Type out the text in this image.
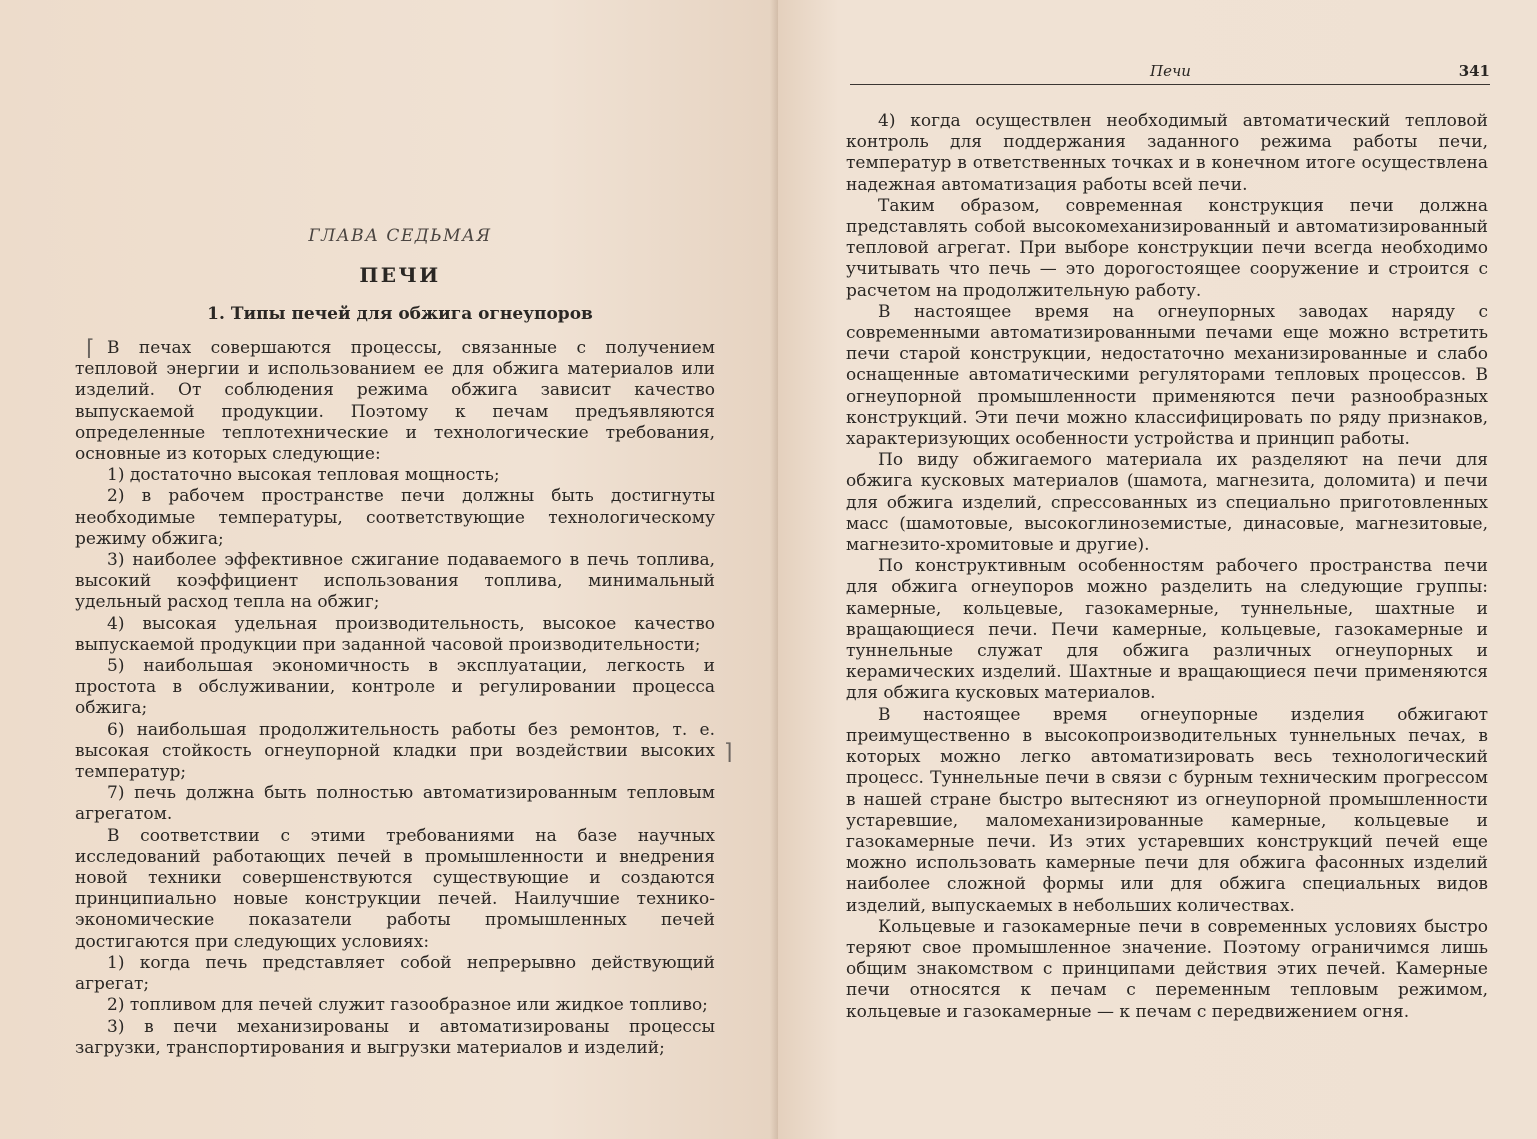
ГЛАВА СЕДЬМАЯ
ПЕЧИ
1. Типы печей для обжига огнеупоров

В печах совершаются процессы, связанные с получением тепловой энергии и использованием ее для обжига материалов или изделий. От соблюдения режима обжига зависит качество выпускаемой продукции. Поэтому к печам предъявляются определенные теплотехнические и технологические требования, основные из которых следующие:

1) достаточно высокая тепловая мощность;

2) в рабочем пространстве печи должны быть достигнуты необходимые температуры, соответствующие технологическому режиму обжига;

3) наиболее эффективное сжигание подаваемого в печь топлива, высокий коэффициент использования топлива, минимальный удельный расход тепла на обжиг;

4) высокая удельная производительность, высокое качество выпускаемой продукции при заданной часовой производительности;

5) наибольшая экономичность в эксплуатации, легкость и простота в обслуживании, контроле и регулировании процесса обжига;

6) наибольшая продолжительность работы без ремонтов, т. е. высокая стойкость огнеупорной кладки при воздействии высоких температур;

7) печь должна быть полностью автоматизированным тепловым агрегатом.

В соответствии с этими требованиями на базе научных исследований работающих печей в промышленности и внедрения новой техники совершенствуются существующие и создаются принципиально новые конструкции печей. Наилучшие технико-экономические показатели работы промышленных печей достигаются при следующих условиях:

1) когда печь представляет собой непрерывно действующий агрегат;

2) топливом для печей служит газообразное или жидкое топливо;

3) в печи механизированы и автоматизированы процессы загрузки, транспортирования и выгрузки материалов и изделий;

⌈
⌉
Печи	341

4) когда осуществлен необходимый автоматический тепловой контроль для поддержания заданного режима работы печи, температур в ответственных точках и в конечном итоге осуществлена надежная автоматизация работы всей печи.

Таким образом, современная конструкция печи должна представлять собой высокомеханизированный и автоматизированный тепловой агрегат. При выборе конструкции печи всегда необходимо учитывать что печь — это дорогостоящее сооружение и строится с расчетом на продолжительную работу.

В настоящее время на огнеупорных заводах наряду с современными автоматизированными печами еще можно встретить печи старой конструкции, недостаточно механизированные и слабо оснащенные автоматическими регуляторами тепловых процессов. В огнеупорной промышленности применяются печи разнообразных конструкций. Эти печи можно классифицировать по ряду признаков, характеризующих особенности устройства и принцип работы.

По виду обжигаемого материала их разделяют на печи для обжига кусковых материалов (шамота, магнезита, доломита) и печи для обжига изделий, спрессованных из специально приготовленных масс (шамотовые, высокоглиноземистые, динасовые, магнезитовые, магнезито-хромитовые и другие).

По конструктивным особенностям рабочего пространства печи для обжига огнеупоров можно разделить на следующие группы: камерные, кольцевые, газокамерные, туннельные, шахтные и вращающиеся печи. Печи камерные, кольцевые, газокамерные и туннельные служат для обжига различных огнеупорных и керамических изделий. Шахтные и вращающиеся печи применяются для обжига кусковых материалов.

В настоящее время огнеупорные изделия обжигают преимущественно в высокопроизводительных туннельных печах, в которых можно легко автоматизировать весь технологический процесс. Туннельные печи в связи с бурным техническим прогрессом в нашей стране быстро вытесняют из огнеупорной промышленности устаревшие, маломеханизированные камерные, кольцевые и газокамерные печи. Из этих устаревших конструкций печей еще можно использовать камерные печи для обжига фасонных изделий наиболее сложной формы или для обжига специальных видов изделий, выпускаемых в небольших количествах.

Кольцевые и газокамерные печи в современных условиях быстро теряют свое промышленное значение. Поэтому ограничимся лишь общим знакомством с принципами действия этих печей. Камерные печи относятся к печам с переменным тепловым режимом, кольцевые и газокамерные — к печам с передвижением огня.
